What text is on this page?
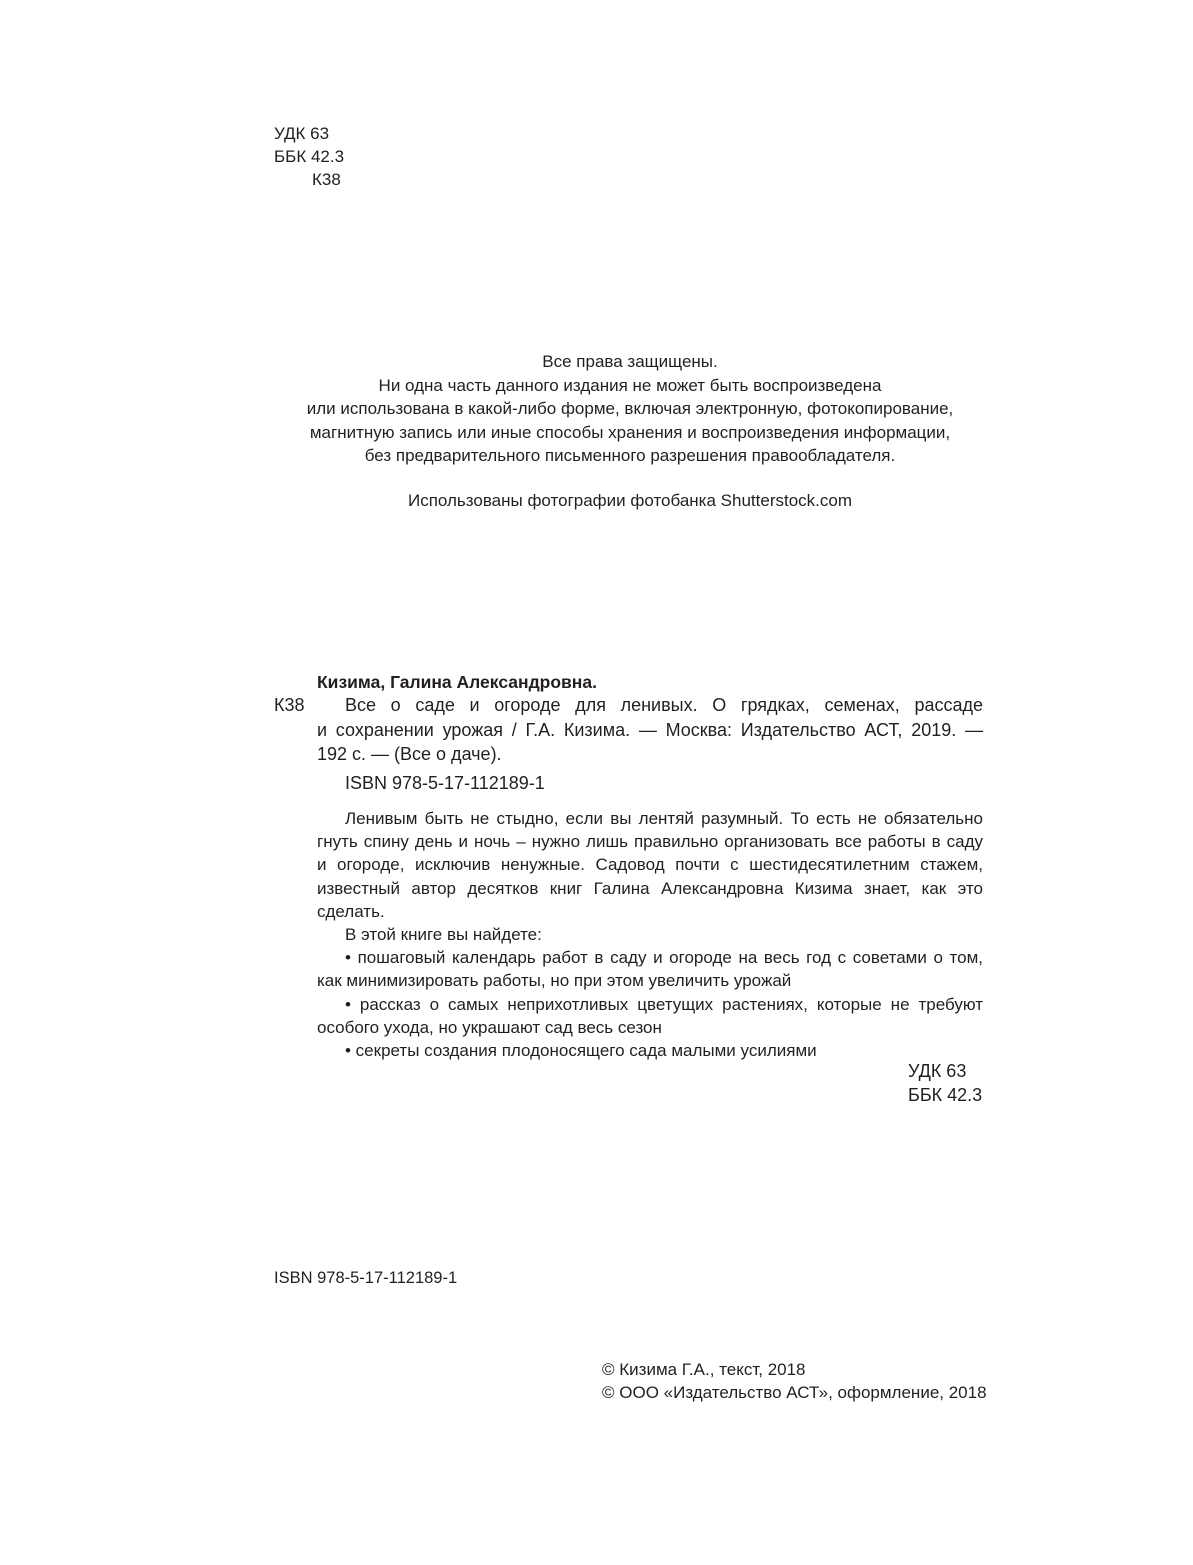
УДК 63
ББК 42.3
К38
Все права защищены.
Ни одна часть данного издания не может быть воспроизведена
или использована в какой-либо форме, включая электронную, фотокопирование,
магнитную запись или иные способы хранения и воспроизведения информации,
без предварительного письменного разрешения правообладателя.
Использованы фотографии фотобанка Shutterstock.com
Кизима, Галина Александровна.
К38	Все о саде и огороде для ленивых. О грядках, семенах, рассаде
и сохранении урожая / Г.А. Кизима. — Москва: Издательство АСТ, 2019. —
192 с. — (Все о даче).
ISBN 978-5-17-112189-1
Ленивым быть не стыдно, если вы лентяй разумный. То есть не обязательно
гнуть спину день и ночь – нужно лишь правильно организовать все работы в саду
и огороде, исключив ненужные. Садовод почти с шестидесятилетним стажем,
известный автор десятков книг Галина Александровна Кизима знает, как это
сделать.
В этой книге вы найдете:
• пошаговый календарь работ в саду и огороде на весь год с советами о том,
как минимизировать работы, но при этом увеличить урожай
• рассказ о самых неприхотливых цветущих растениях, которые не требуют
особого ухода, но украшают сад весь сезон
• секреты создания плодоносящего сада малыми усилиями
УДК 63
ББК 42.3
ISBN 978-5-17-112189-1
© Кизима Г.А., текст, 2018
© ООО «Издательство АСТ», оформление, 2018
